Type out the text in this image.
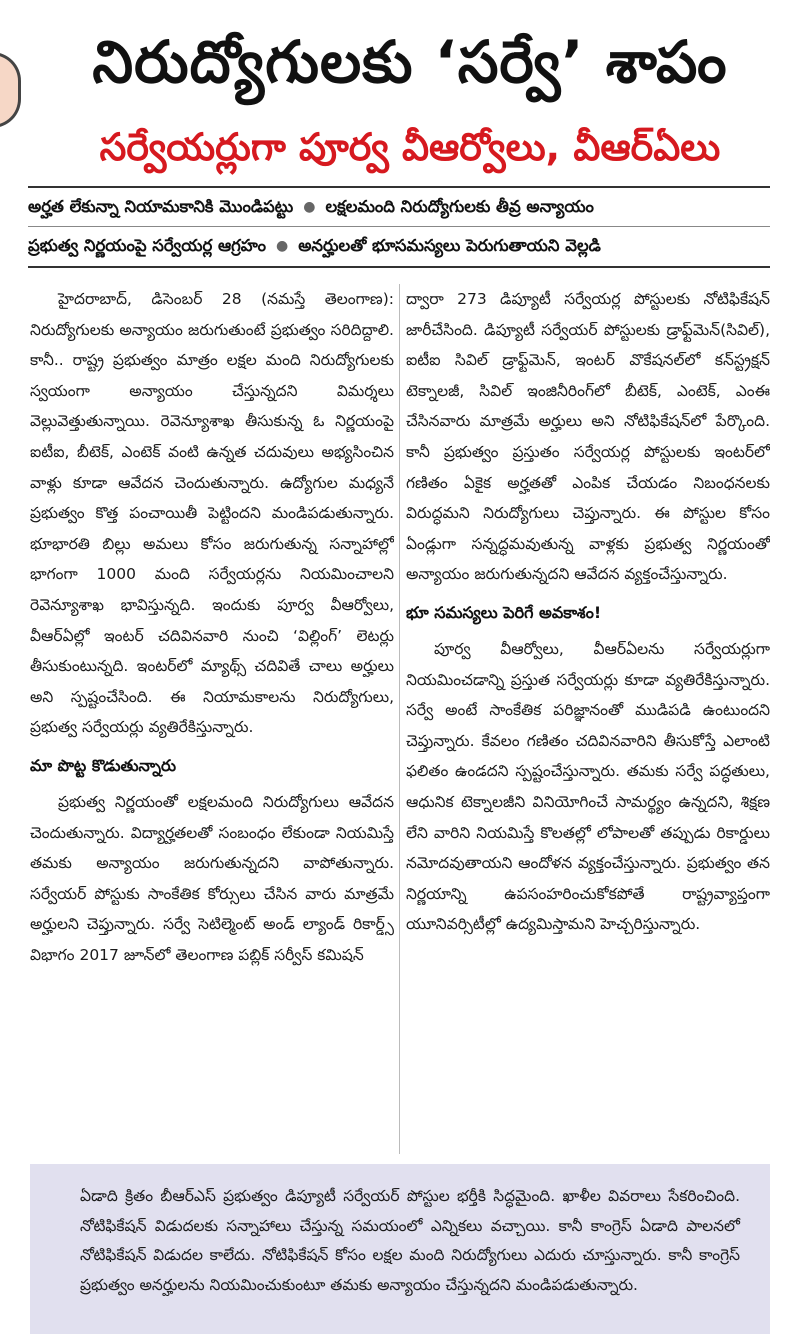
నిరుద్యోగులకు ‘సర్వే’ శాపం
సర్వేయర్లుగా పూర్వ వీఆర్వోలు, వీఆర్ఏలు
అర్హత లేకున్నా నియామకానికి మొండిపట్టు ● లక్షలమంది నిరుద్యోగులకు తీవ్ర అన్యాయం
ప్రభుత్వ నిర్ణయంపై సర్వేయర్ల ఆగ్రహం ● అనర్హులతో భూసమస్యలు పెరుగుతాయని వెల్లడి

హైదరాబాద్, డిసెంబర్ 28 (నమస్తే తెలంగాణ): నిరుద్యోగులకు అన్యాయం జరుగుతుంటే ప్రభుత్వం సరిదిద్దాలి. కానీ.. రాష్ట్ర ప్రభుత్వం మాత్రం లక్షల మంది నిరుద్యోగులకు స్వయంగా అన్యాయం చేస్తున్నదని విమర్శలు వెల్లువెత్తుతున్నాయి. రెవెన్యూశాఖ తీసుకున్న ఓ నిర్ణయంపై ఐటీఐ, బీటెక్, ఎంటెక్ వంటి ఉన్నత చదువులు అభ్యసించిన వాళ్లు కూడా ఆవేదన చెందుతున్నారు. ఉద్యోగుల మధ్యనే ప్రభుత్వం కొత్త పంచాయితీ పెట్టిందని మండిపడుతున్నారు. భూభారతి బిల్లు అమలు కోసం జరుగుతున్న సన్నాహాల్లో భాగంగా 1000 మంది సర్వేయర్లను నియమించాలని రెవెన్యూశాఖ భావిస్తున్నది. ఇందుకు పూర్వ వీఆర్వోలు, వీఆర్ఏల్లో ఇంటర్ చదివినవారి నుంచి ‘విల్లింగ్’ లెటర్లు తీసుకుంటున్నది. ఇంటర్‌లో మ్యాథ్స్ చదివితే చాలు అర్హులు అని స్పష్టంచేసింది. ఈ నియామకాలను నిరుద్యోగులు, ప్రభుత్వ సర్వేయర్లు వ్యతిరేకిస్తున్నారు.

మా పొట్ట కొడుతున్నారు

ప్రభుత్వ నిర్ణయంతో లక్షలమంది నిరుద్యోగులు ఆవేదన చెందుతున్నారు. విద్యార్హతలతో సంబంధం లేకుండా నియమిస్తే తమకు అన్యాయం జరుగుతున్నదని వాపోతున్నారు. సర్వేయర్ పోస్టుకు సాంకేతిక కోర్సులు చేసిన వారు మాత్రమే అర్హులని చెప్తున్నారు. సర్వే సెటిల్మెంట్ అండ్ ల్యాండ్ రికార్డ్స్ విభాగం 2017 జూన్‌లో తెలంగాణ పబ్లిక్ సర్వీస్ కమిషన్

ద్వారా 273 డిప్యూటీ సర్వేయర్ల పోస్టులకు నోటిఫికేషన్ జారీచేసింది. డిప్యూటీ సర్వేయర్ పోస్టులకు డ్రాఫ్ట్‌మెన్(సివిల్), ఐటీఐ సివిల్ డ్రాఫ్ట్‌మెన్, ఇంటర్ వొకేషనల్‌లో కన్‌స్ట్రక్షన్ టెక్నాలజీ, సివిల్ ఇంజినీరింగ్‌లో బీటెక్, ఎంటెక్, ఎంఈ చేసినవారు మాత్రమే అర్హులు అని నోటిఫికేషన్‌లో పేర్కొంది. కానీ ప్రభుత్వం ప్రస్తుతం సర్వేయర్ల పోస్టులకు ఇంటర్‌లో గణితం ఏకైక అర్హతతో ఎంపిక చేయడం నిబంధనలకు విరుద్ధమని నిరుద్యోగులు చెప్తున్నారు. ఈ పోస్టుల కోసం ఏండ్లుగా సన్నద్ధమవుతున్న వాళ్లకు ప్రభుత్వ నిర్ణయంతో అన్యాయం జరుగుతున్నదని ఆవేదన వ్యక్తంచేస్తున్నారు.

భూ సమస్యలు పెరిగే అవకాశం!

పూర్వ వీఆర్వోలు, వీఆర్ఏలను సర్వేయర్లుగా నియమించడాన్ని ప్రస్తుత సర్వేయర్లు కూడా వ్యతిరేకిస్తున్నారు. సర్వే అంటే సాంకేతిక పరిజ్ఞానంతో ముడిపడి ఉంటుందని చెప్తున్నారు. కేవలం గణితం చదివినవారిని తీసుకోస్తే ఎలాంటి ఫలితం ఉండదని స్పష్టంచేస్తున్నారు. తమకు సర్వే పద్ధతులు, ఆధునిక టెక్నాలజీని వినియోగించే సామర్థ్యం ఉన్నదని, శిక్షణ లేని వారిని నియమిస్తే కొలతల్లో లోపాలతో తప్పుడు రికార్డులు నమోదవుతాయని ఆందోళన వ్యక్తంచేస్తున్నారు. ప్రభుత్వం తన నిర్ణయాన్ని ఉపసంహరించుకోకపోతే రాష్ట్రవ్యాప్తంగా యూనివర్సిటీల్లో ఉద్యమిస్తామని హెచ్చరిస్తున్నారు.

ఏడాది క్రితం బీఆర్ఎస్ ప్రభుత్వం డిప్యూటీ సర్వేయర్ పోస్టుల భర్తీకి సిద్ధమైంది. ఖాళీల వివరాలు సేకరించింది. నోటిఫికేషన్ విడుదలకు సన్నాహాలు చేస్తున్న సమయంలో ఎన్నికలు వచ్చాయి. కానీ కాంగ్రెస్ ఏడాది పాలనలో నోటిఫికేషన్ విడుదల కాలేదు. నోటిఫికేషన్ కోసం లక్షల మంది నిరుద్యోగులు ఎదురు చూస్తున్నారు. కానీ కాంగ్రెస్ ప్రభుత్వం అనర్హులను నియమించుకుంటూ తమకు అన్యాయం చేస్తున్నదని మండిపడుతున్నారు.
